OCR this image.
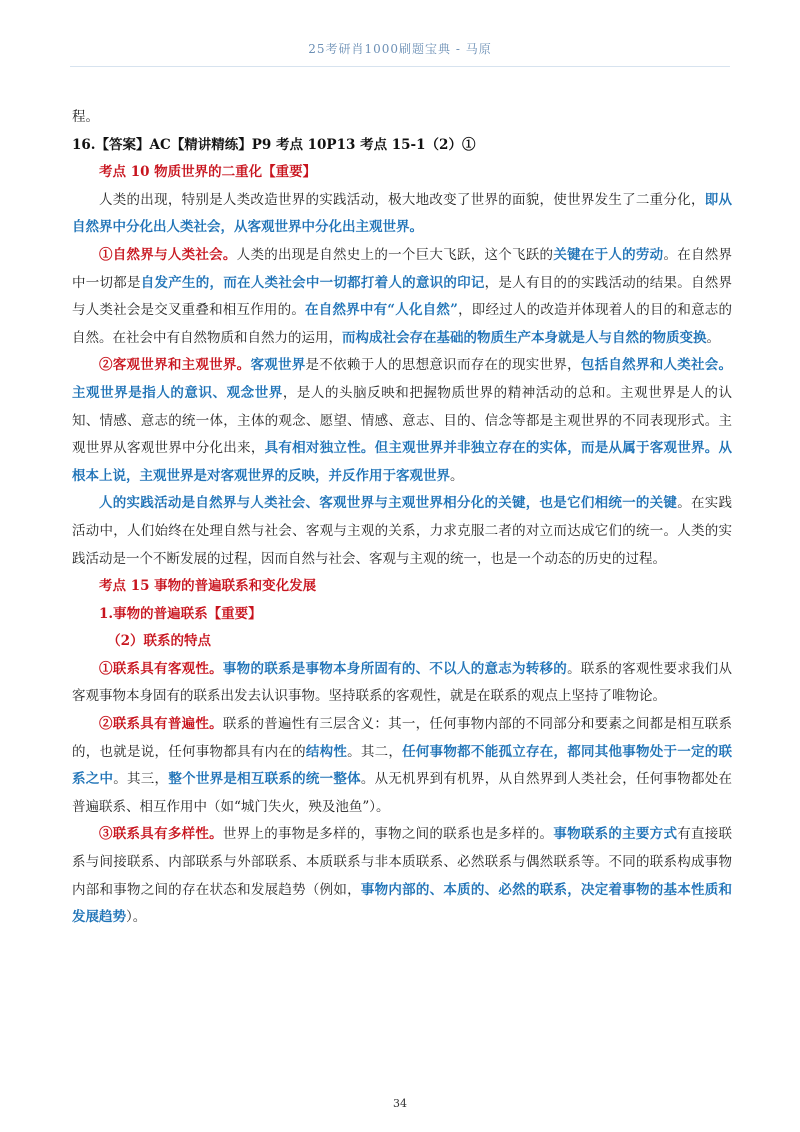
25考研肖1000刷题宝典 - 马原

程。

16.【答案】AC【精讲精练】P9 考点 10P13 考点 15-1（2）①

考点 10 物质世界的二重化【重要】

人类的出现，特别是人类改造世界的实践活动，极大地改变了世界的面貌，使世界发生了二重分化，即从自然界中分化出人类社会，从客观世界中分化出主观世界。

①自然界与人类社会。人类的出现是自然史上的一个巨大飞跃，这个飞跃的关键在于人的劳动。在自然界中一切都是自发产生的，而在人类社会中一切都打着人的意识的印记，是人有目的的实践活动的结果。自然界与人类社会是交叉重叠和相互作用的。在自然界中有“人化自然”，即经过人的改造并体现着人的目的和意志的自然。在社会中有自然物质和自然力的运用，而构成社会存在基础的物质生产本身就是人与自然的物质变换。

②客观世界和主观世界。客观世界是不依赖于人的思想意识而存在的现实世界，包括自然界和人类社会。主观世界是指人的意识、观念世界，是人的头脑反映和把握物质世界的精神活动的总和。主观世界是人的认知、情感、意志的统一体，主体的观念、愿望、情感、意志、目的、信念等都是主观世界的不同表现形式。主观世界从客观世界中分化出来，具有相对独立性。但主观世界并非独立存在的实体，而是从属于客观世界。从根本上说，主观世界是对客观世界的反映，并反作用于客观世界。

人的实践活动是自然界与人类社会、客观世界与主观世界相分化的关键，也是它们相统一的关键。在实践活动中，人们始终在处理自然与社会、客观与主观的关系，力求克服二者的对立而达成它们的统一。人类的实践活动是一个不断发展的过程，因而自然与社会、客观与主观的统一，也是一个动态的历史的过程。

考点 15 事物的普遍联系和变化发展

1.事物的普遍联系【重要】

（2）联系的特点

①联系具有客观性。事物的联系是事物本身所固有的、不以人的意志为转移的。联系的客观性要求我们从客观事物本身固有的联系出发去认识事物。坚持联系的客观性，就是在联系的观点上坚持了唯物论。

②联系具有普遍性。联系的普遍性有三层含义：其一，任何事物内部的不同部分和要素之间都是相互联系的，也就是说，任何事物都具有内在的结构性。其二，任何事物都不能孤立存在，都同其他事物处于一定的联系之中。其三，整个世界是相互联系的统一整体。从无机界到有机界，从自然界到人类社会，任何事物都处在普遍联系、相互作用中（如“城门失火，殃及池鱼”）。

③联系具有多样性。世界上的事物是多样的，事物之间的联系也是多样的。事物联系的主要方式有直接联系与间接联系、内部联系与外部联系、本质联系与非本质联系、必然联系与偶然联系等。不同的联系构成事物内部和事物之间的存在状态和发展趋势（例如，事物内部的、本质的、必然的联系，决定着事物的基本性质和发展趋势）。

34
